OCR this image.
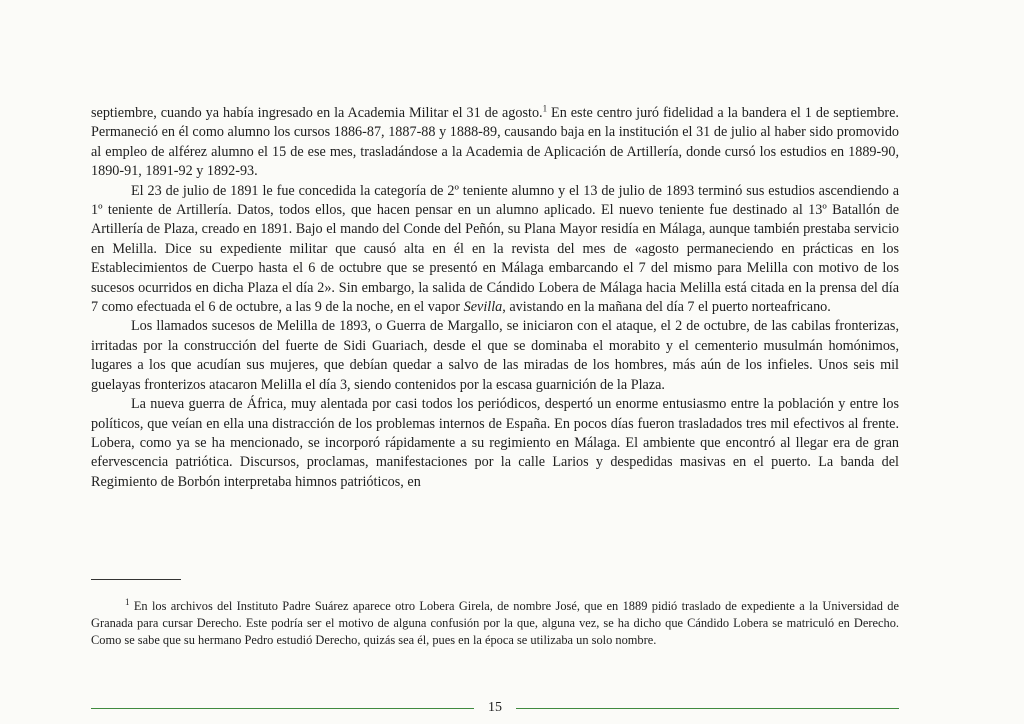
septiembre, cuando ya había ingresado en la Academia Militar el 31 de agosto.$^1$ En este centro juró fidelidad a la bandera el 1 de septiembre. Permaneció en él como alumno los cursos 1886-87, 1887-88 y 1888-89, causando baja en la institución el 31 de julio al haber sido promovido al empleo de alférez alumno el 15 de ese mes, trasladándose a la Academia de Aplicación de Artillería, donde cursó los estudios en 1889-90, 1890-91, 1891-92 y 1892-93.

El 23 de julio de 1891 le fue concedida la categoría de 2º teniente alumno y el 13 de julio de 1893 terminó sus estudios ascendiendo a 1º teniente de Artillería. Datos, todos ellos, que hacen pensar en un alumno aplicado. El nuevo teniente fue destinado al 13º Batallón de Artillería de Plaza, creado en 1891. Bajo el mando del Conde del Peñón, su Plana Mayor residía en Málaga, aunque también prestaba servicio en Melilla. Dice su expediente militar que causó alta en él en la revista del mes de «agosto permaneciendo en prácticas en los Establecimientos de Cuerpo hasta el 6 de octubre que se presentó en Málaga embarcando el 7 del mismo para Melilla con motivo de los sucesos ocurridos en dicha Plaza el día 2». Sin embargo, la salida de Cándido Lobera de Málaga hacia Melilla está citada en la prensa del día 7 como efectuada el 6 de octubre, a las 9 de la noche, en el vapor Sevilla, avistando en la mañana del día 7 el puerto norteafricano.

Los llamados sucesos de Melilla de 1893, o Guerra de Margallo, se iniciaron con el ataque, el 2 de octubre, de las cabilas fronterizas, irritadas por la construcción del fuerte de Sidi Guariach, desde el que se dominaba el morabito y el cementerio musulmán homónimos, lugares a los que acudían sus mujeres, que debían quedar a salvo de las miradas de los hombres, más aún de los infieles. Unos seis mil guelayas fronterizos atacaron Melilla el día 3, siendo contenidos por la escasa guarnición de la Plaza.

La nueva guerra de África, muy alentada por casi todos los periódicos, despertó un enorme entusiasmo entre la población y entre los políticos, que veían en ella una distracción de los problemas internos de España. En pocos días fueron trasladados tres mil efectivos al frente. Lobera, como ya se ha mencionado, se incorporó rápidamente a su regimiento en Málaga. El ambiente que encontró al llegar era de gran efervescencia patriótica. Discursos, proclamas, manifestaciones por la calle Larios y despedidas masivas en el puerto. La banda del Regimiento de Borbón interpretaba himnos patrióticos, en

$^1$ En los archivos del Instituto Padre Suárez aparece otro Lobera Girela, de nombre José, que en 1889 pidió traslado de expediente a la Universidad de Granada para cursar Derecho. Este podría ser el motivo de alguna confusión por la que, alguna vez, se ha dicho que Cándido Lobera se matriculó en Derecho. Como se sabe que su hermano Pedro estudió Derecho, quizás sea él, pues en la época se utilizaba un solo nombre.

15
